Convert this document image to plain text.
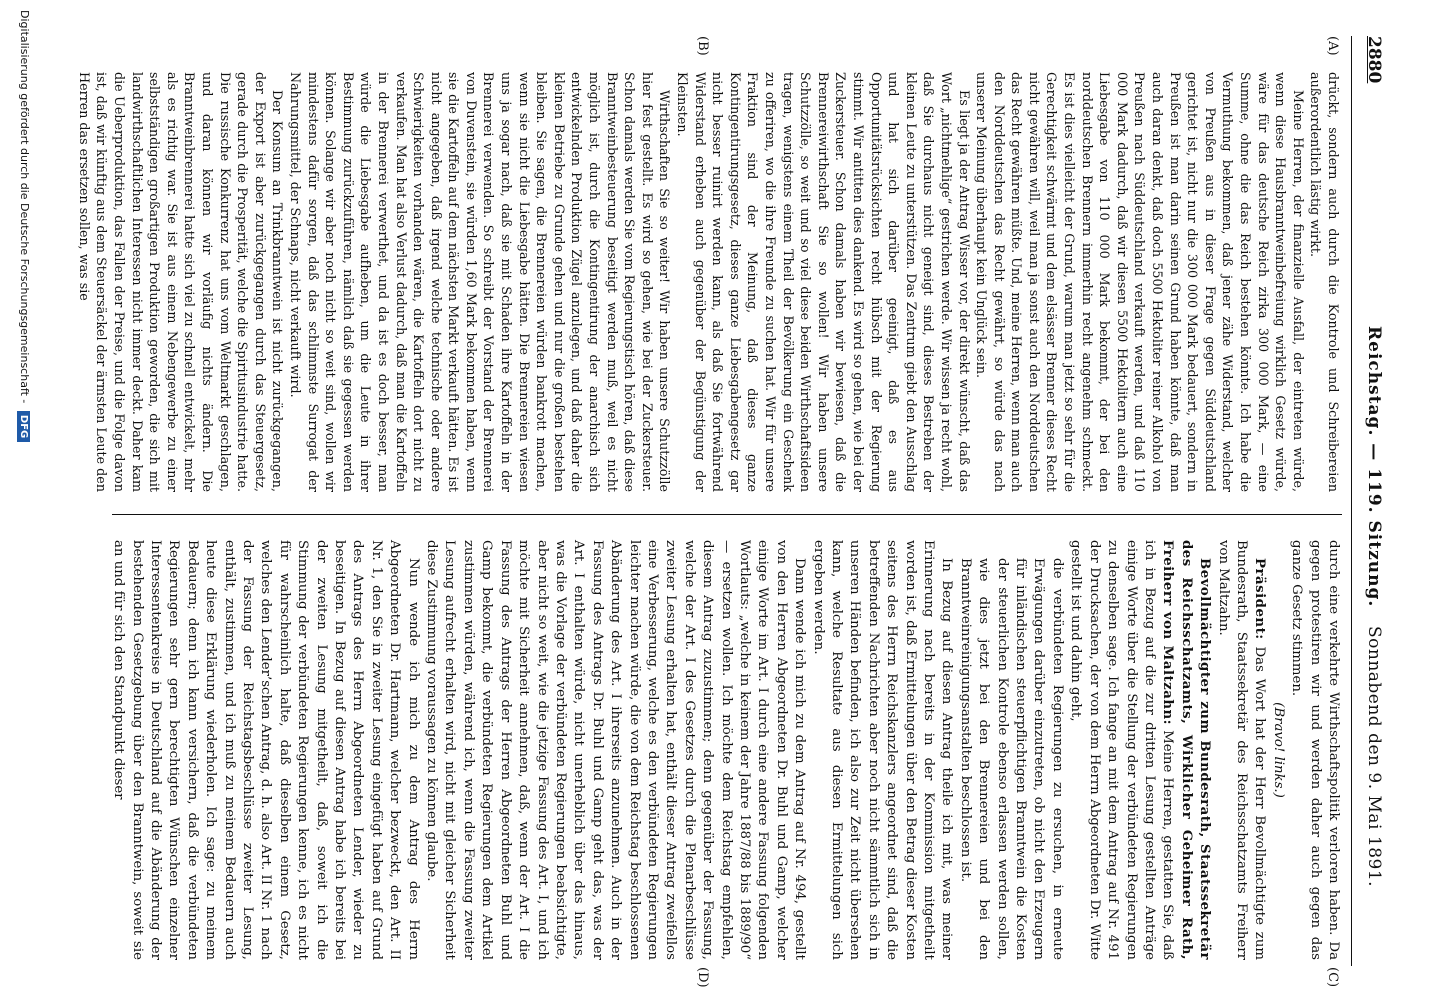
2880
Reichstag. — 119. Sitzung.
Sonnabend den 9. Mai 1891.
(A)
(B)
(C)
(D)

drückt, sondern auch durch die Kontrole und Schreibereien außerordentlich lästig wirkt.

Meine Herren, der finanzielle Ausfall, der eintreten würde, wenn diese Hausbranntweinbefreiung wirklich Gesetz würde, wäre für das deutsche Reich zirka 300 000 Mark, — eine Summe, ohne die das Reich bestehen könnte. Ich habe die Vermuthung bekommen, daß jener zähe Widerstand, welcher von Preußen aus in dieser Frage gegen Süddeutschland gerichtet ist, nicht nur die 300 000 Mark bedauert, sondern in Preußen ist man darin seinen Grund haben könnte, daß man auch daran denkt, daß doch 5500 Hektoliter reiner Alkohol von Preußen nach Süddeutschland verkauft werden, und daß 110 000 Mark dadurch, daß wir diesen 5500 Hektolitern auch eine Liebesgabe von 110 000 Mark bekommt, der bei den norddeutschen Brennern immerhin recht angenehm schmeckt. Es ist dies vielleicht der Grund, warum man jetzt so sehr für die Gerechtigkeit schwärmt und dem elsässer Brenner dieses Recht nicht gewähren will, weil man ja sonst auch den Norddeutschen das Recht gewähren müßte. Und, meine Herren, wenn man auch den Norddeutschen das Recht gewährt, so würde das nach unserer Meinung überhaupt kein Unglück sein.

Es liegt ja der Antrag Wisser vor, der direkt wünscht, daß das Wort „nichtmehlige“ gestrichen werde. Wir wissen ja recht wohl, daß Sie durchaus nicht geneigt sind, dieses Bestreben der kleinen Leute zu unterstützen. Das Zentrum giebt den Ausschlag und hat sich darüber geeinigt, daß es aus Opportunitätsrücksichten recht hübsch mit der Regierung stimmt. Wir antitten dies dankend. Es wird so gehen, wie bei der Zuckersteuer. Schon damals haben wir bewiesen, daß die Brennereiwirthschaft Sie so wollen! Wir haben unsere Schutzzölle, so weit und so viel diese beiden Wirthschaftsideen tragen, wenigstens einem Theil der Bevölkerung ein Geschenk zu offeriren, wo die ihre Freunde zu suchen hat. Wir für unsere Fraktion sind der Meinung, daß dieses ganze Kontingentirungsgesetz, dieses ganze Liebesgabengesetz gar nicht besser ruinirt werden kann, als daß Sie fortwährend Widerstand erheben auch gegenüber der Begünstigung der Kleinsten.

Wirthschaften Sie so weiter! Wir haben unsere Schutzzölle hier fest gestellt. Es wird so gehen, wie bei der Zuckersteuer. Schon damals werden Sie vom Regierungstisch hören, daß diese Branntweinbesteuerung beseitigt werden muß, weil es nicht möglich ist, durch die Kontingentirung der anarchisch sich entwickelnden Produktion Zügel anzulegen, und daß daher die kleinen Betriebe zu Grunde gehen und nur die großen bestehen bleiben. Sie sagen, die Brennereien würden bankrott machen, wenn sie nicht die Liebesgabe hätten. Die Brennereien wiesen uns ja sogar nach, daß sie mit Schaden ihre Kartoffeln in der Brennerei verwenden. So schreibt der Vorstand der Brennerei von Duvenstein, sie würden 1,60 Mark bekommen haben, wenn sie die Kartoffeln auf dem nächsten Markt verkauft hätten. Es ist nicht angegeben, daß irgend welche technische oder andere Schwierigkeiten vorhanden wären, die Kartoffeln dort nicht zu verkaufen. Man hat also Verlust dadurch, daß man die Kartoffeln in der Brennerei verwerthet, und da ist es doch besser, man würde die Liebesgabe aufheben, um die Leute in ihrer Bestimmung zurückzuführen, nämlich daß sie gegessen werden können. Solange wir aber noch nicht so weit sind, wollen wir mindestens dafür sorgen, daß das schlimmste Surrogat der Nahrungsmittel, der Schnaps, nicht verkauft wird.

Der Konsum an Trinkbranntwein ist nicht zurückgegangen, der Export ist aber zurückgegangen durch das Steuergesetz, gerade durch die Prosperität, welche die Spiritusindustrie hatte. Die russische Konkurrenz hat uns vom Weltmarkt geschlagen, und daran können wir vorläufig nichts ändern. Die Branntweinbrennerei hatte sich viel zu schnell entwickelt, mehr als es richtig war. Sie ist aus einem Nebengewerbe zu einer selbstständigen großartigen Produktion geworden, die sich mit landwirthschaftlichen Interessen nicht immer deckt. Daher kam die Ueberproduktion, das Fallen der Preise, und die Folge davon ist, daß wir künftig aus dem Steuersäckel der ärmsten Leute den Herren das ersetzen sollen, was sie

durch eine verkehrte Wirthschaftspolitik verloren haben. Da gegen protestiren wir und werden daher auch gegen das ganze Gesetz stimmen.

(Bravo! links.)

Präsident: Das Wort hat der Herr Bevollmächtigte zum Bundesrath, Staatssekretär des Reichsschatzamts Freiherr von Maltzahn.

Bevollmächtigter zum Bundesrath, Staatssekretär des Reichsschatzamts, Wirklicher Geheimer Rath, Freiherr von Maltzahn: Meine Herren, gestatten Sie, daß ich in Bezug auf die zur dritten Lesung gestellten Anträge einige Worte über die Stellung der verbündeten Regierungen zu denselben sage. Ich fange an mit dem Antrag auf Nr. 491 der Drucksachen, der von dem Herrn Abgeordneten Dr. Witte gestellt ist und dahin geht,

die verbündeten Regierungen zu ersuchen, in erneute Erwägungen darüber einzutreten, ob nicht den Erzeugern für inländischen steuerpflichtigen Branntwein die Kosten der steuerlichen Kontrole ebenso erlassen werden sollen, wie dies jetzt bei den Brennereien und bei den Branntweinreinigungsanstalten beschlossen ist.

In Bezug auf diesen Antrag theile ich mit, was meiner Erinnerung nach bereits in der Kommission mitgetheilt worden ist, daß Ermittelungen über den Betrag dieser Kosten seitens des Herrn Reichskanzlers angeordnet sind, daß die betreffenden Nachrichten aber noch nicht sämmtlich sich in unseren Händen befinden, ich also zur Zeit nicht übersehen kann, welche Resultate aus diesen Ermittelungen sich ergeben werden.

Dann wende ich mich zu dem Antrag auf Nr. 494, gestellt von den Herren Abgeordneten Dr. Buhl und Gamp, welcher einige Worte im Art. I durch eine andere Fassung folgenden Wortlauts: „welche in keinem der Jahre 1887/88 bis 1889/90“ — ersetzen wollen. Ich möchte dem Reichstag empfehlen, diesem Antrag zuzustimmen; denn gegenüber der Fassung, welche der Art. I des Gesetzes durch die Plenarbeschlüsse zweiter Lesung erhalten hat, enthält dieser Antrag zweifellos eine Verbesserung, welche es den verbündeten Regierungen leichter machen würde, die von dem Reichstag beschlossenen Abänderung des Art. I ihrerseits anzunehmen. Auch in der Fassung des Antrags Dr. Buhl und Gamp geht das, was der Art. I enthalten würde, nicht unerheblich über das hinaus, was die Vorlage der verbündeten Regierungen beabsichtigte, aber nicht so weit, wie die jetzige Fassung des Art. I, und ich möchte mit Sicherheit annehmen, daß, wenn der Art. I die Fassung des Antrags der Herren Abgeordneten Buhl und Gamp bekommt, die verbündeten Regierungen dem Artikel zustimmen würden, während ich, wenn die Fassung zweiter Lesung aufrecht erhalten wird, nicht mit gleicher Sicherheit diese Zustimmung voraussagen zu können glaube.

Nun wende ich mich zu dem Antrag des Herrn Abgeordneten Dr. Hartmann, welcher bezweckt, den Art. II Nr. 1, den Sie in zweiter Lesung eingefügt haben auf Grund des Antrags des Herrn Abgeordneten Lender, wieder zu beseitigen. In Bezug auf diesen Antrag habe ich bereits bei der zweiten Lesung mitgetheilt, daß, soweit ich die Stimmung der verbündeten Regierungen kenne, ich es nicht für wahrscheinlich halte, daß dieselben einem Gesetz, welches den Lender’schen Antrag, d. h. also Art. II Nr. 1 nach der Fassung der Reichstagsbeschlüsse zweiter Lesung, enthält, zustimmen, und ich muß zu meinem Bedauern auch heute diese Erklärung wiederholen. Ich sage: zu meinem Bedauern; denn ich kann versichern, daß die verbündeten Regierungen sehr gern berechtigten Wünschen einzelner Interessentenkreise in Deutschland auf die Abänderung der bestehenden Gesetzgebung über den Branntwein, soweit sie an und für sich den Standpunkt dieser

Digitalisierung gefördert durch die Deutsche Forschungsgemeinschaft - DFG
